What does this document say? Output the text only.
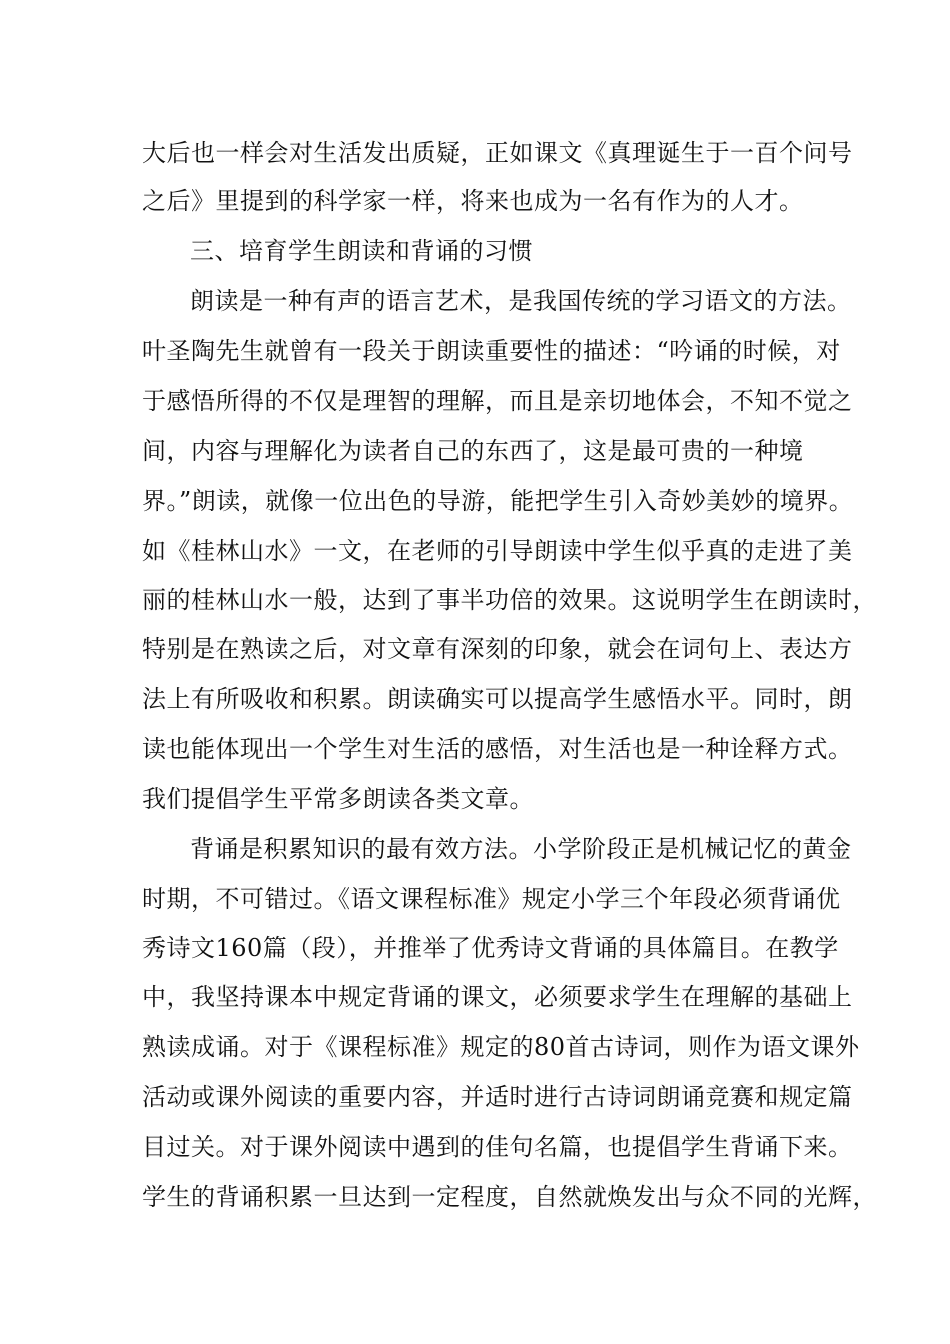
大后也一样会对生活发出质疑，正如课文《真理诞生于一百个问号
之后》里提到的科学家一样，将来也成为一名有作为的人才。
三、培育学生朗读和背诵的习惯
朗读是一种有声的语言艺术，是我国传统的学习语文的方法。
叶圣陶先生就曾有一段关于朗读重要性的描述：“吟诵的时候，对
于感悟所得的不仅是理智的理解，而且是亲切地体会，不知不觉之
间，内容与理解化为读者自己的东西了，这是最可贵的一种境
界。”朗读，就像一位出色的导游，能把学生引入奇妙美妙的境界。
如《桂林山水》一文，在老师的引导朗读中学生似乎真的走进了美
丽的桂林山水一般，达到了事半功倍的效果。这说明学生在朗读时，
特别是在熟读之后，对文章有深刻的印象，就会在词句上、表达方
法上有所吸收和积累。朗读确实可以提高学生感悟水平。同时，朗
读也能体现出一个学生对生活的感悟，对生活也是一种诠释方式。
我们提倡学生平常多朗读各类文章。
背诵是积累知识的最有效方法。小学阶段正是机械记忆的黄金
时期，不可错过。《语文课程标准》规定小学三个年段必须背诵优
秀诗文160篇（段），并推举了优秀诗文背诵的具体篇目。在教学
中，我坚持课本中规定背诵的课文，必须要求学生在理解的基础上
熟读成诵。对于《课程标准》规定的80首古诗词，则作为语文课外
活动或课外阅读的重要内容，并适时进行古诗词朗诵竞赛和规定篇
目过关。对于课外阅读中遇到的佳句名篇，也提倡学生背诵下来。
学生的背诵积累一旦达到一定程度，自然就焕发出与众不同的光辉，
